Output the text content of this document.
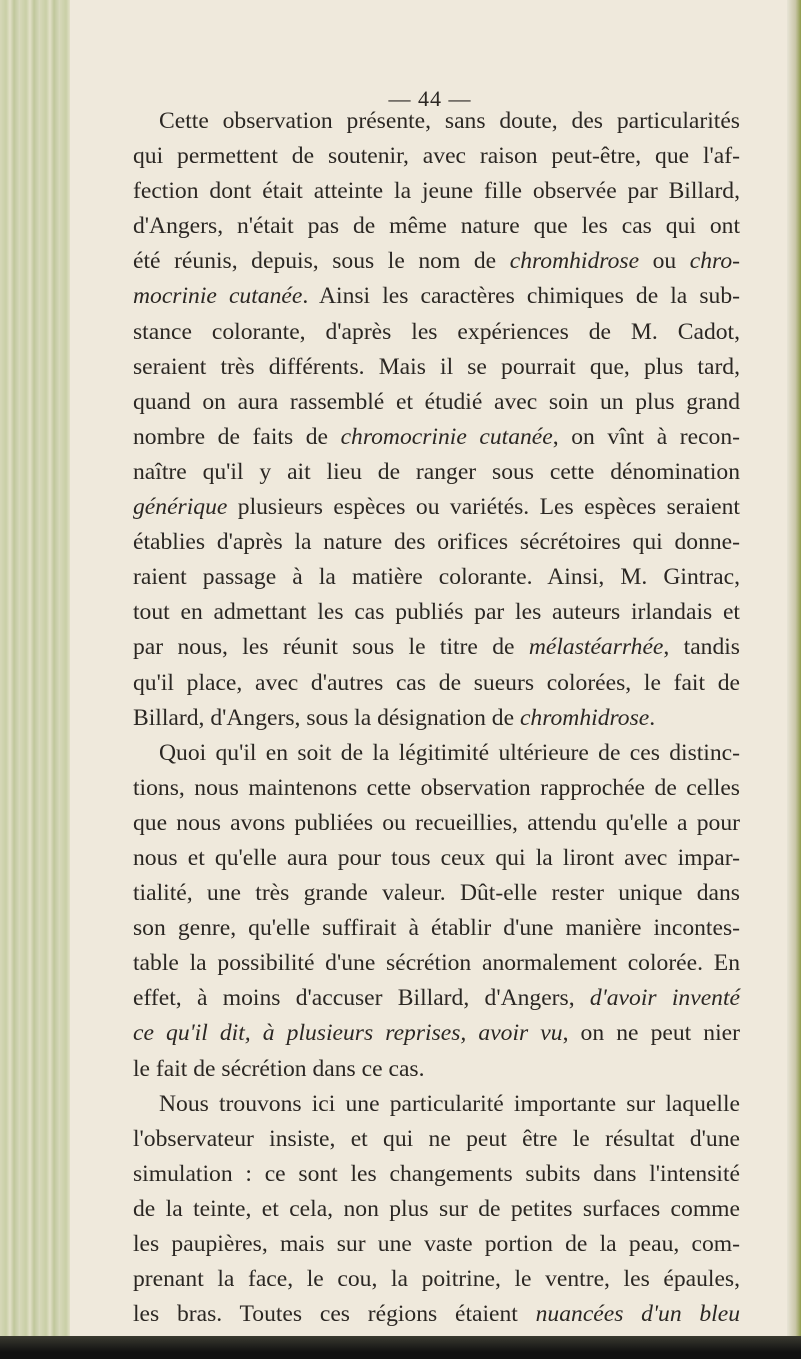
— 44 —
Cette observation présente, sans doute, des particularités
qui permettent de soutenir, avec raison peut-être, que l'af-
fection dont était atteinte la jeune fille observée par Billard,
d'Angers, n'était pas de même nature que les cas qui ont
été réunis, depuis, sous le nom de chromhidrose ou chro-
mocrinie cutanée. Ainsi les caractères chimiques de la sub-
stance colorante, d'après les expériences de M. Cadot,
seraient très différents. Mais il se pourrait que, plus tard,
quand on aura rassemblé et étudié avec soin un plus grand
nombre de faits de chromocrinie cutanée, on vînt à recon-
naître qu'il y ait lieu de ranger sous cette dénomination
générique plusieurs espèces ou variétés. Les espèces seraient
établies d'après la nature des orifices sécrétoires qui donne-
raient passage à la matière colorante. Ainsi, M. Gintrac,
tout en admettant les cas publiés par les auteurs irlandais et
par nous, les réunit sous le titre de mélastéarrhée, tandis
qu'il place, avec d'autres cas de sueurs colorées, le fait de
Billard, d'Angers, sous la désignation de chromhidrose.
Quoi qu'il en soit de la légitimité ultérieure de ces distinc-
tions, nous maintenons cette observation rapprochée de celles
que nous avons publiées ou recueillies, attendu qu'elle a pour
nous et qu'elle aura pour tous ceux qui la liront avec impar-
tialité, une très grande valeur. Dût-elle rester unique dans
son genre, qu'elle suffirait à établir d'une manière incontes-
table la possibilité d'une sécrétion anormalement colorée. En
effet, à moins d'accuser Billard, d'Angers, d'avoir inventé
ce qu'il dit, à plusieurs reprises, avoir vu, on ne peut nier
le fait de sécrétion dans ce cas.
Nous trouvons ici une particularité importante sur laquelle
l'observateur insiste, et qui ne peut être le résultat d'une
simulation : ce sont les changements subits dans l'intensité
de la teinte, et cela, non plus sur de petites surfaces comme
les paupières, mais sur une vaste portion de la peau, com-
prenant la face, le cou, la poitrine, le ventre, les épaules,
les bras. Toutes ces régions étaient nuancées d'un bleu
